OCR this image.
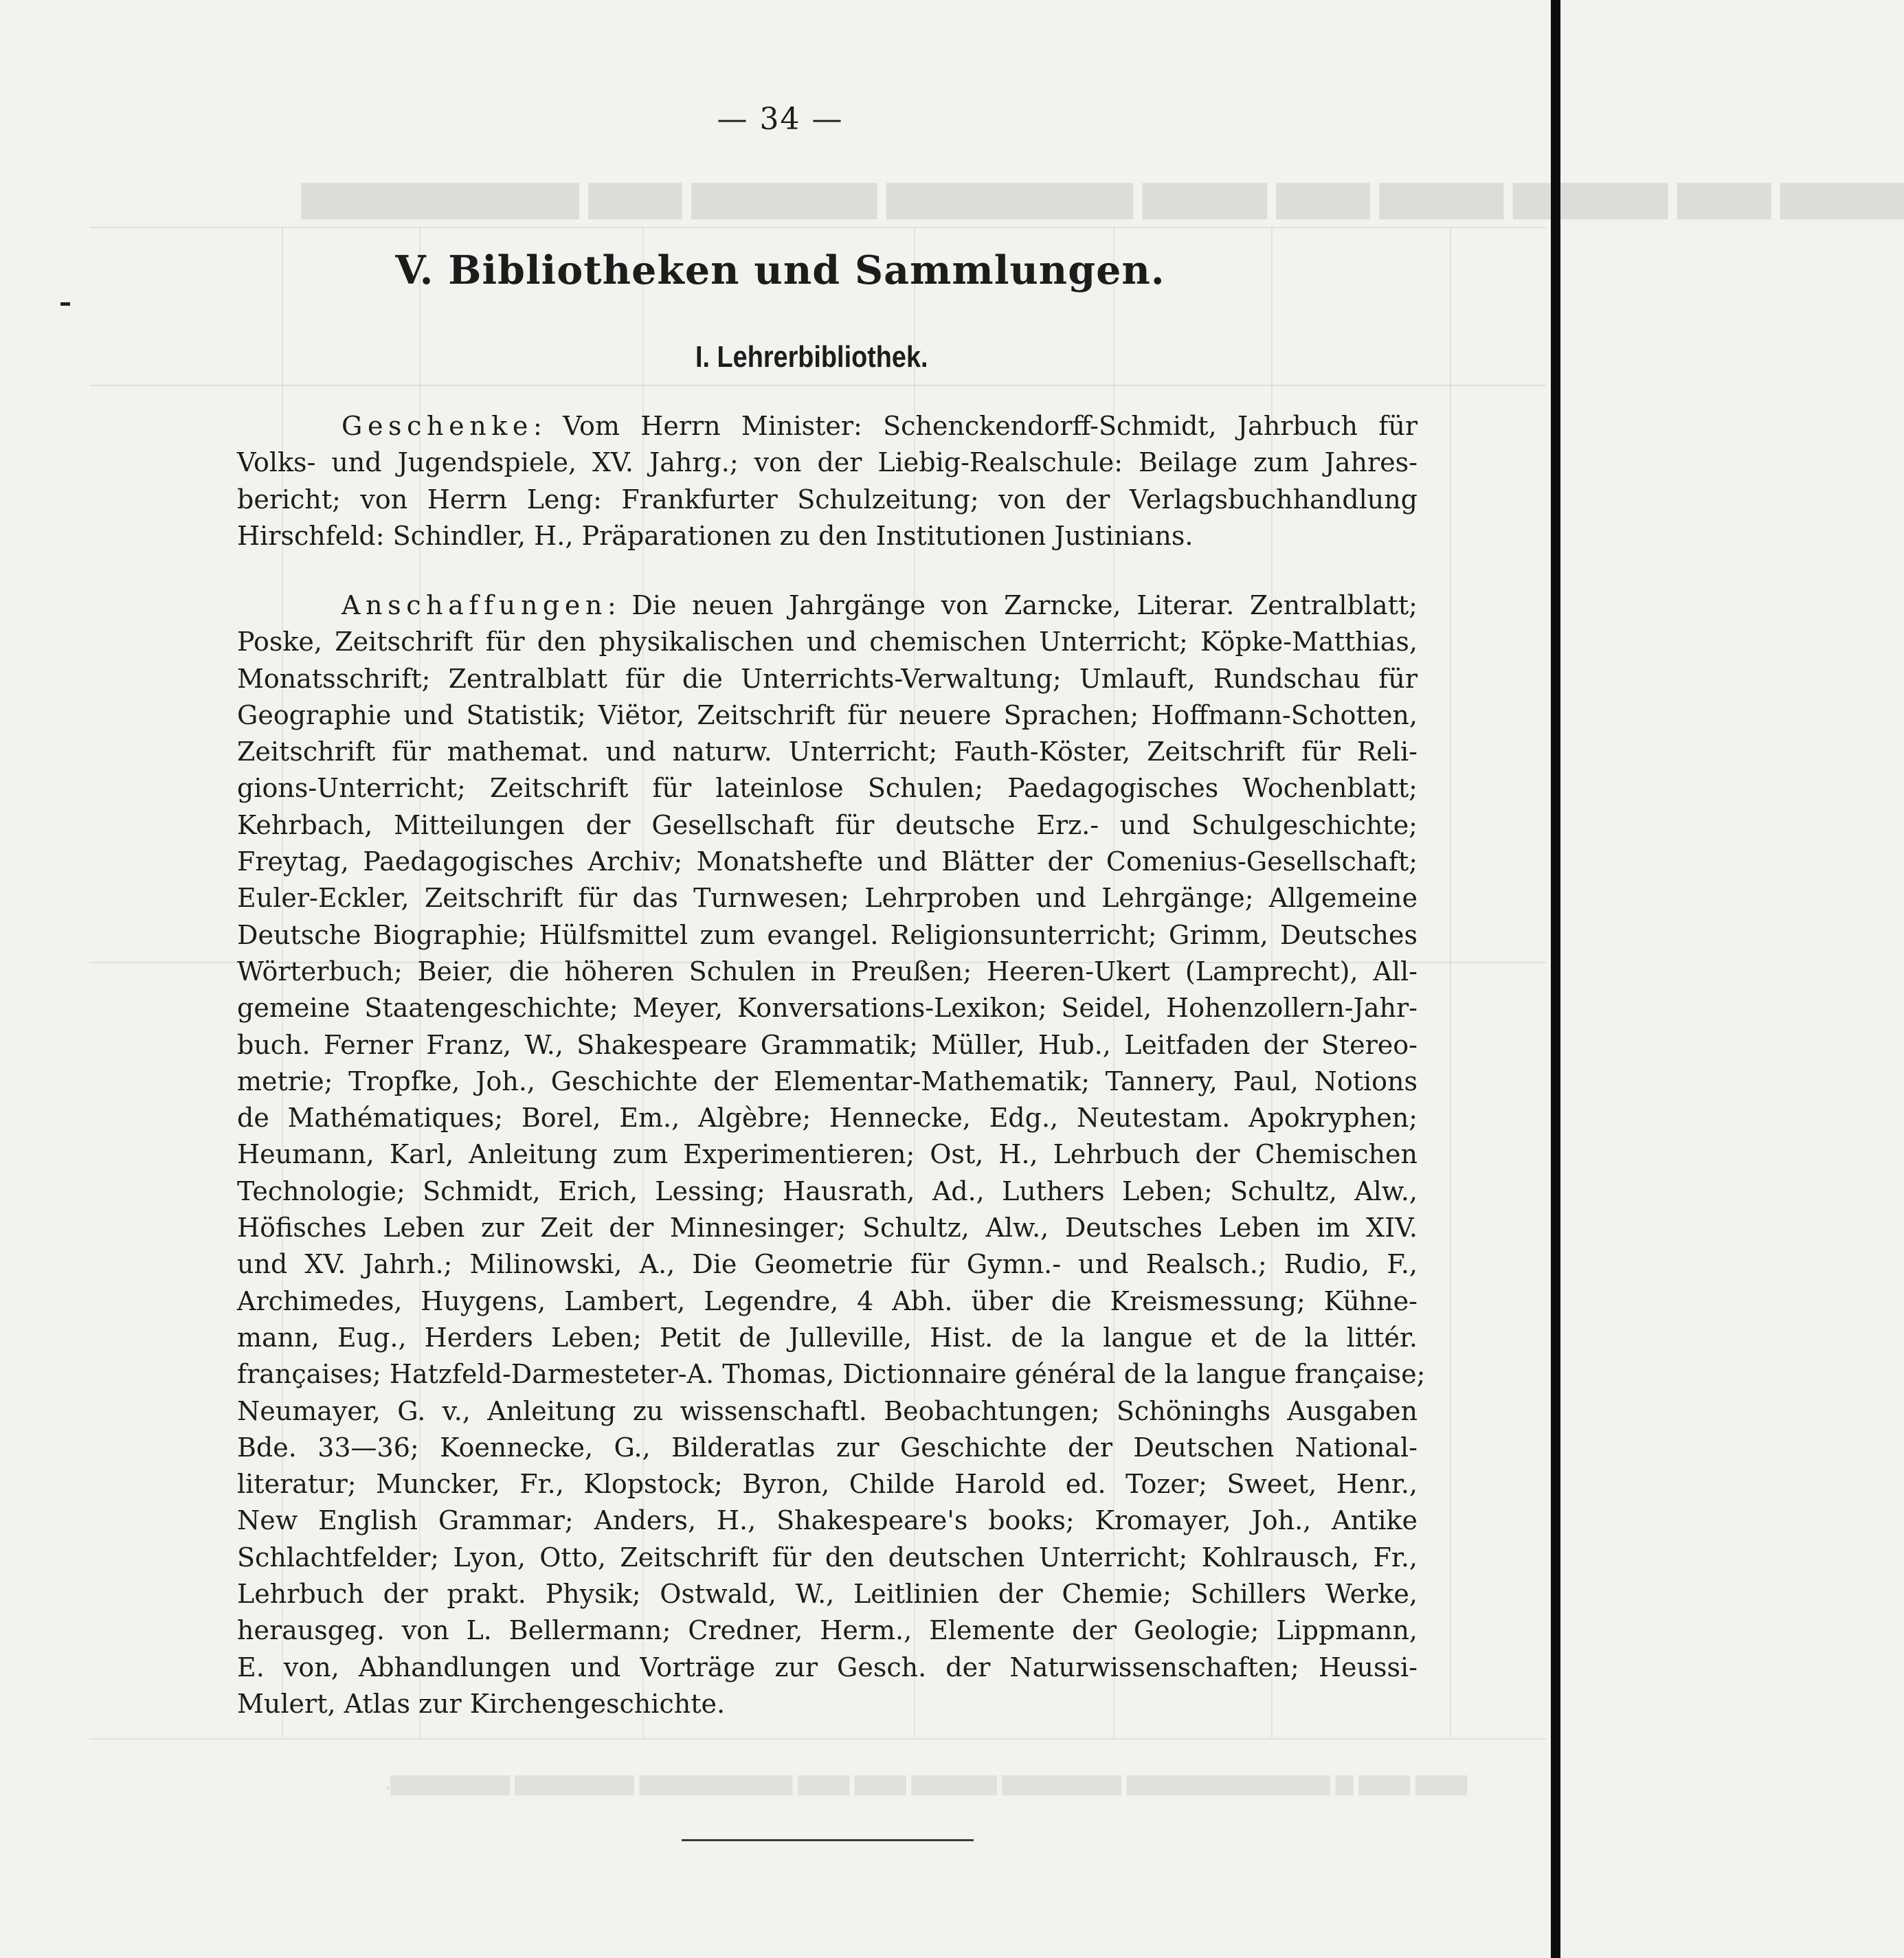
​▆▆▆▆ ▆▆▆ ▆▆▆▆▆ ▆▆▆▆ ▆▆▆ ▆▆▆▆ ▆▆▆▆▆▆▆▆ ▆▆▆▆▆▆ ▆▆▆ ▆▆▆▆▆▆▆▆▆
​▆▆▆ ▆▆▆ ▆ ▆▆▆▆▆▆▆▆▆▆▆▆ ▆▆▆▆▆▆▆ ▆▆▆▆▆ ▆▆▆ ▆▆▆ ▆▆▆▆▆▆▆▆▆ ▆▆▆▆▆▆▆ ▆▆▆▆▆▆▆.
— 34 —
V. Bibliotheken und Sammlungen.
I. Lehrerbibliothek.

Geschenke: Vom Herrn Minister: Schenckendorff-Schmidt, Jahrbuch für
Volks- und Jugendspiele, XV. Jahrg.; von der Liebig-Realschule: Beilage zum Jahres-
bericht; von Herrn Leng: Frankfurter Schulzeitung; von der Verlagsbuchhandlung
Hirschfeld: Schindler, H., Präparationen zu den Institutionen Justinians.

Anschaffungen: Die neuen Jahrgänge von Zarncke, Literar. Zentralblatt;
Poske, Zeitschrift für den physikalischen und chemischen Unterricht; Köpke-Matthias,
Monatsschrift; Zentralblatt für die Unterrichts-Verwaltung; Umlauft, Rundschau für
Geographie und Statistik; Viëtor, Zeitschrift für neuere Sprachen; Hoffmann-Schotten,
Zeitschrift für mathemat. und naturw. Unterricht; Fauth-Köster, Zeitschrift für Reli-
gions-Unterricht; Zeitschrift für lateinlose Schulen; Paedagogisches Wochenblatt;
Kehrbach, Mitteilungen der Gesellschaft für deutsche Erz.- und Schulgeschichte;
Freytag, Paedagogisches Archiv; Monatshefte und Blätter der Comenius-Gesellschaft;
Euler-Eckler, Zeitschrift für das Turnwesen; Lehrproben und Lehrgänge; Allgemeine
Deutsche Biographie; Hülfsmittel zum evangel. Religionsunterricht; Grimm, Deutsches
Wörterbuch; Beier, die höheren Schulen in Preußen; Heeren-Ukert (Lamprecht), All-
gemeine Staatengeschichte; Meyer, Konversations-Lexikon; Seidel, Hohenzollern-Jahr-
buch. Ferner Franz, W., Shakespeare Grammatik; Müller, Hub., Leitfaden der Stereo-
metrie; Tropfke, Joh., Geschichte der Elementar-Mathematik; Tannery, Paul, Notions
de Mathématiques; Borel, Em., Algèbre; Hennecke, Edg., Neutestam. Apokryphen;
Heumann, Karl, Anleitung zum Experimentieren; Ost, H., Lehrbuch der Chemischen
Technologie; Schmidt, Erich, Lessing; Hausrath, Ad., Luthers Leben; Schultz, Alw.,
Höfisches Leben zur Zeit der Minnesinger; Schultz, Alw., Deutsches Leben im XIV.
und XV. Jahrh.; Milinowski, A., Die Geometrie für Gymn.- und Realsch.; Rudio, F.,
Archimedes, Huygens, Lambert, Legendre, 4 Abh. über die Kreismessung; Kühne-
mann, Eug., Herders Leben; Petit de Julleville, Hist. de la langue et de la littér.
françaises; Hatzfeld-Darmesteter-A. Thomas, Dictionnaire général de la langue française;
Neumayer, G. v., Anleitung zu wissenschaftl. Beobachtungen; Schöninghs Ausgaben
Bde. 33—36; Koennecke, G., Bilderatlas zur Geschichte der Deutschen National-
literatur; Muncker, Fr., Klopstock; Byron, Childe Harold ed. Tozer; Sweet, Henr.,
New English Grammar; Anders, H., Shakespeare's books; Kromayer, Joh., Antike
Schlachtfelder; Lyon, Otto, Zeitschrift für den deutschen Unterricht; Kohlrausch, Fr.,
Lehrbuch der prakt. Physik; Ostwald, W., Leitlinien der Chemie; Schillers Werke,
herausgeg. von L. Bellermann; Credner, Herm., Elemente der Geologie; Lippmann,
E. von, Abhandlungen und Vorträge zur Gesch. der Naturwissenschaften; Heussi-
Mulert, Atlas zur Kirchengeschichte.
